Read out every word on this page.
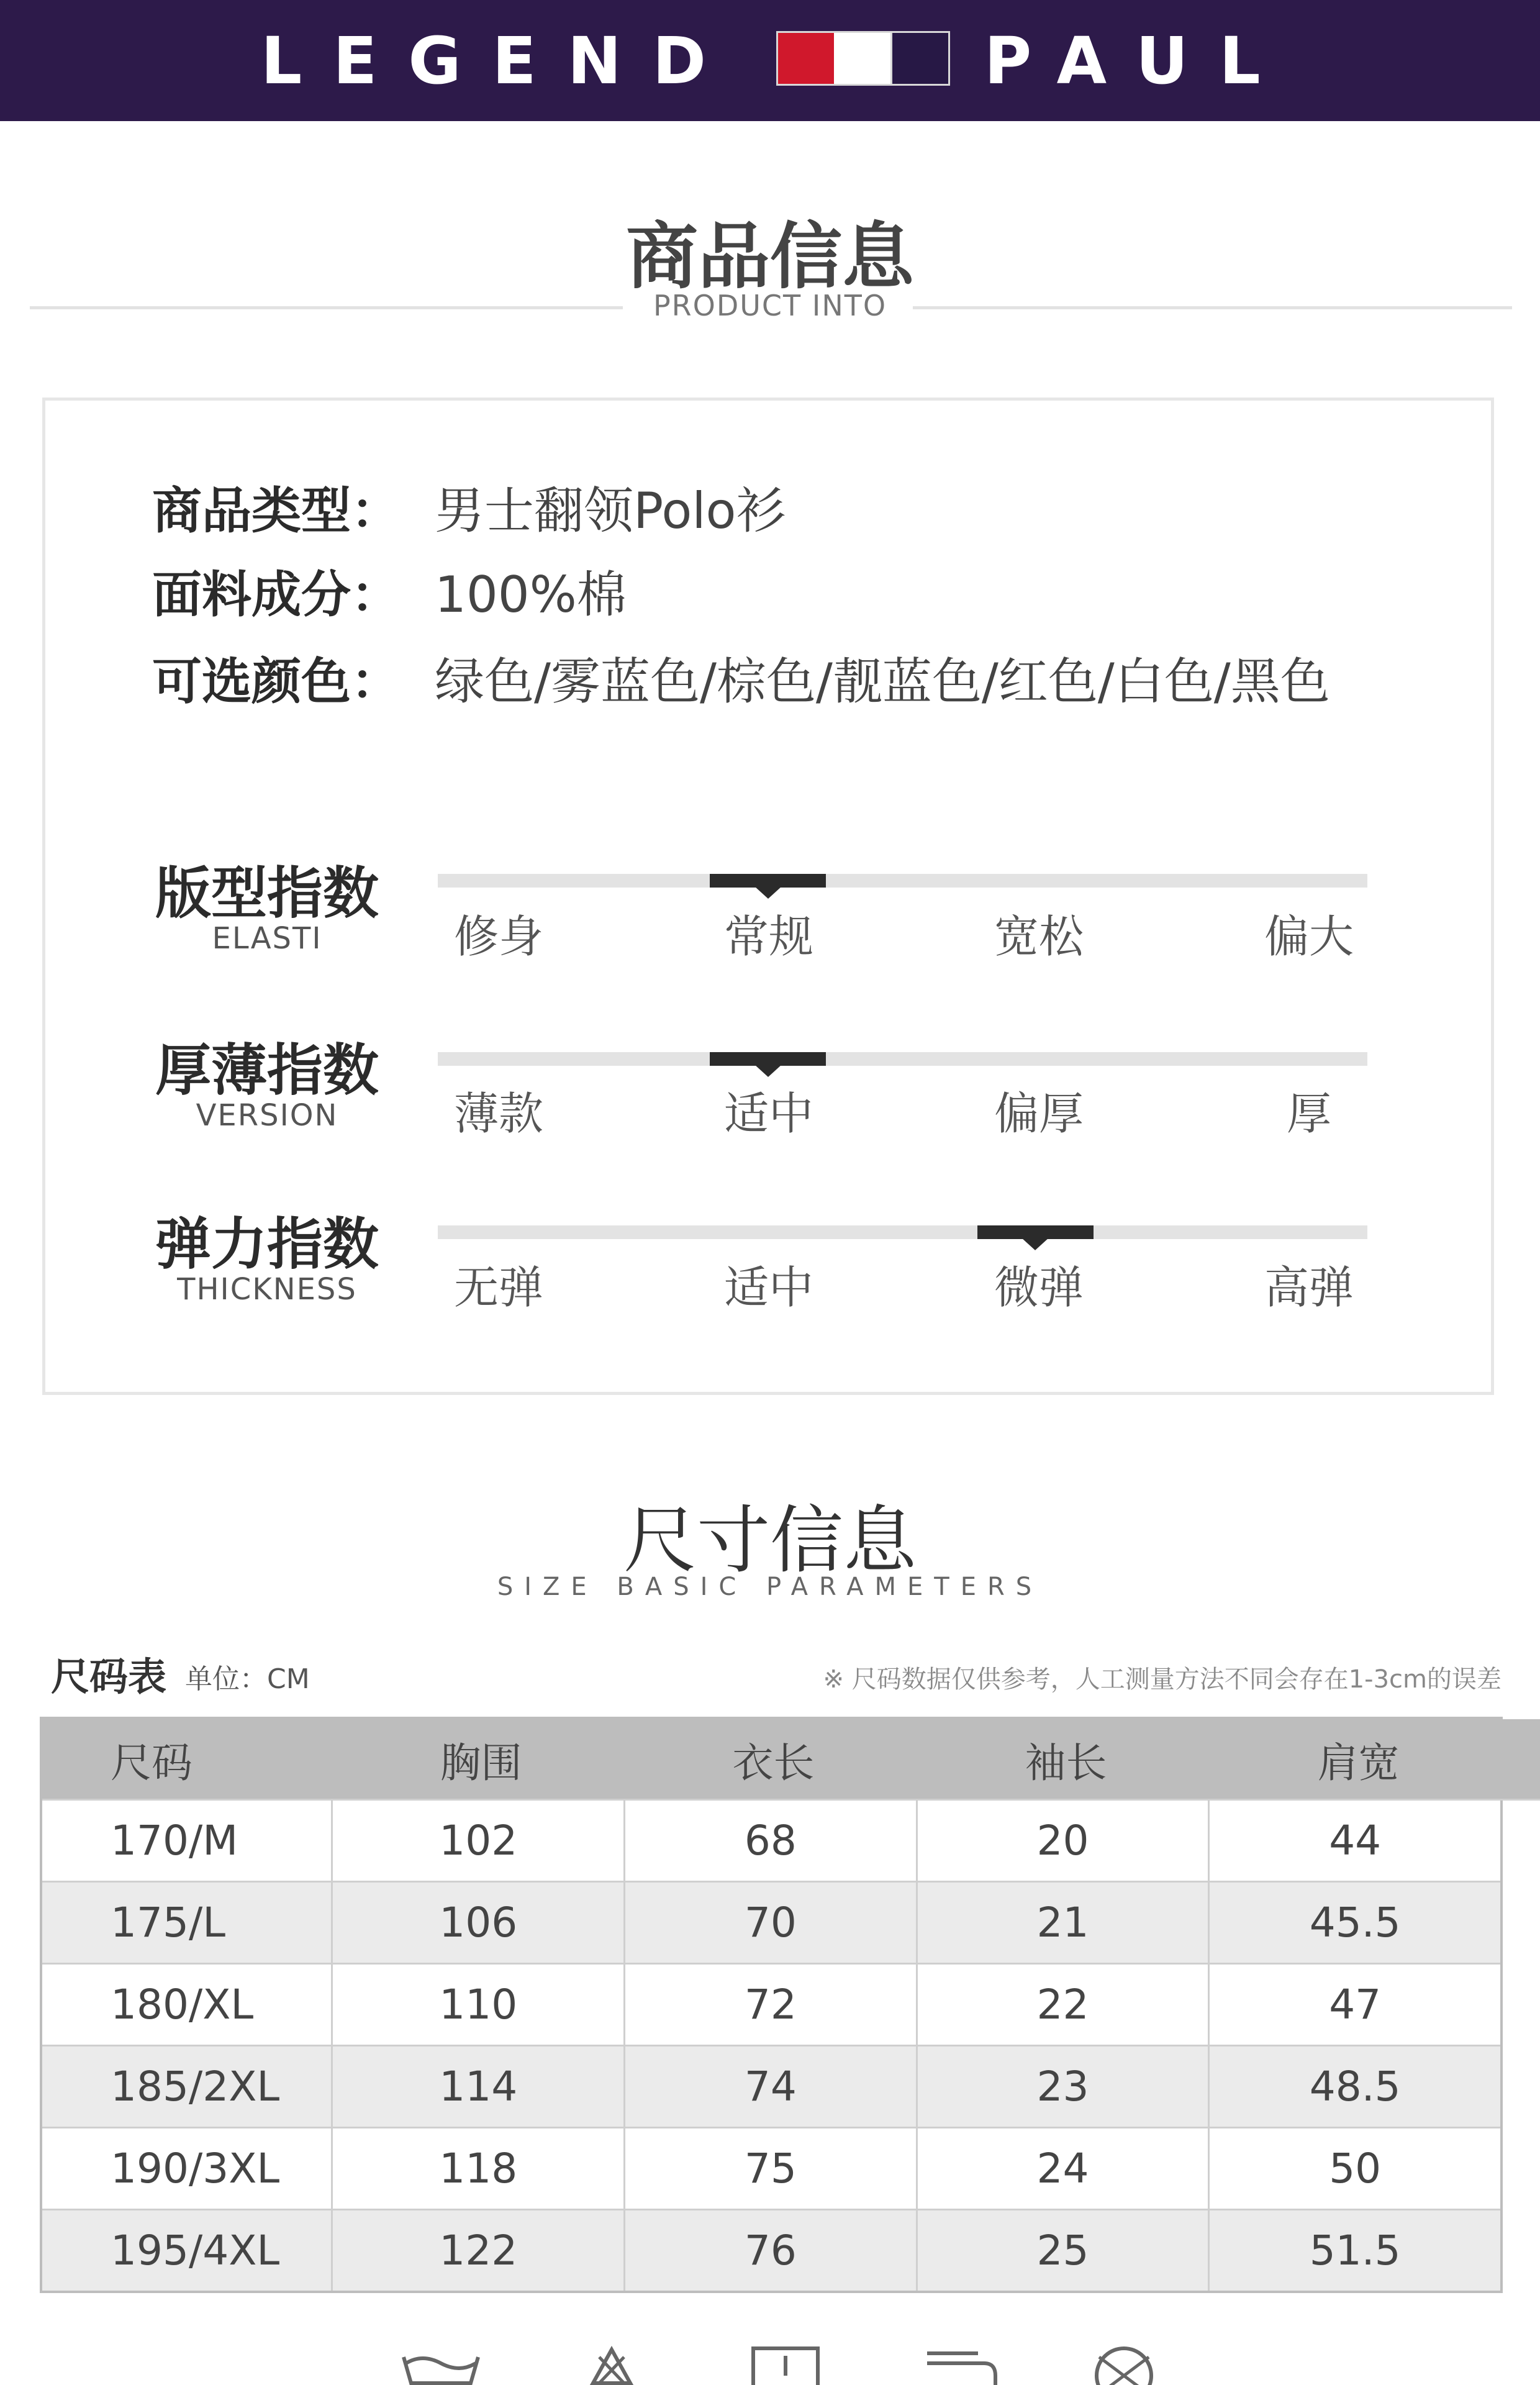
LEGEND	PAUL
商品信息
PRODUCT INTO
商品类型： 男士翻领Polo衫
面料成分： 100%棉
可选颜色： 绿色/雾蓝色/棕色/靓蓝色/红色/白色/黑色
版型指数
ELASTI	修身	常规	宽松	偏大
厚薄指数
VERSION	薄款	适中	偏厚	厚
弹力指数
THICKNESS	无弹	适中	微弹	高弹
尺寸信息
SIZE BASIC PARAMETERS
尺码表 单位：CM	※ 尺码数据仅供参考，人工测量方法不同会存在1-3cm的误差
尺码	胸围	衣长	袖长	肩宽
170/M	102	68	20	44
175/L	106	70	21	45.5
180/XL	110	72	22	47
185/2XL	114	74	23	48.5
190/3XL	118	75	24	50
195/4XL	122	76	25	51.5
